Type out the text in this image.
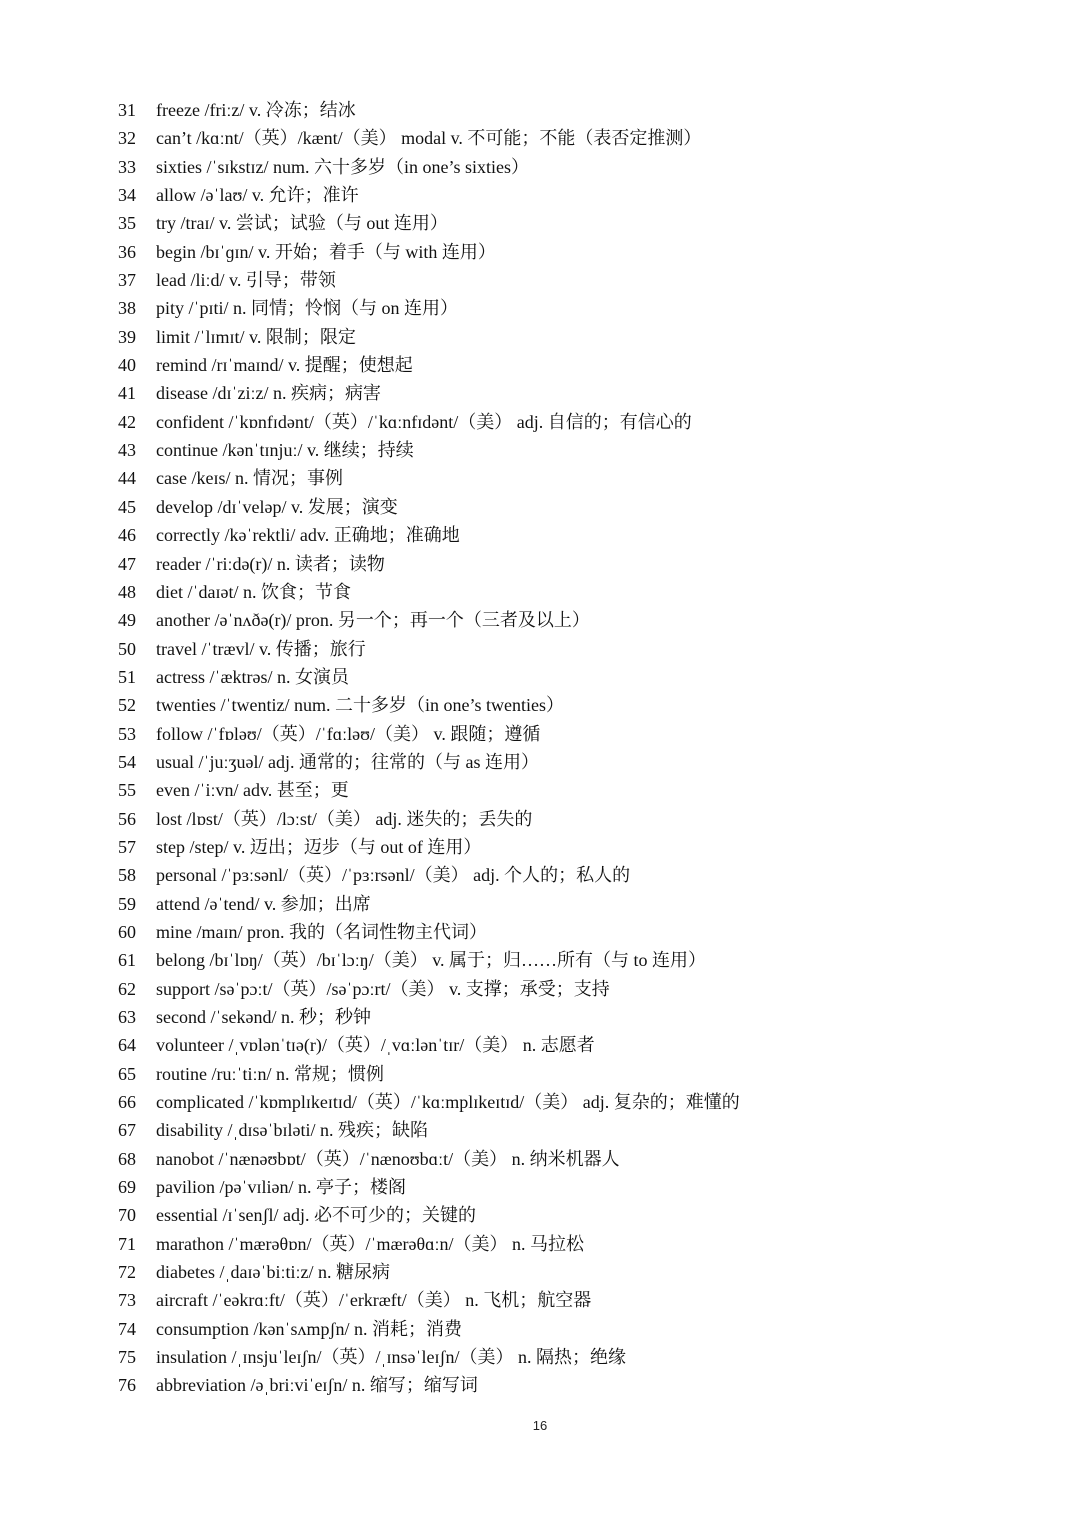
31 freeze /friːz/ v. 冷冻；结冰
32 can’t /kɑːnt/（英）/kænt/（美） modal v. 不可能；不能（表否定推测）
33 sixties /ˈsɪkstɪz/ num. 六十多岁（in one’s sixties）
34 allow /əˈlaʊ/ v. 允许；准许
35 try /traɪ/ v. 尝试；试验（与 out 连用）
36 begin /bɪˈɡɪn/ v. 开始；着手（与 with 连用）
37 lead /liːd/ v. 引导；带领
38 pity /ˈpɪti/ n. 同情；怜悯（与 on 连用）
39 limit /ˈlɪmɪt/ v. 限制；限定
40 remind /rɪˈmaɪnd/ v. 提醒；使想起
41 disease /dɪˈziːz/ n. 疾病；病害
42 confident /ˈkɒnfɪdənt/（英）/ˈkɑːnfɪdənt/（美） adj. 自信的；有信心的
43 continue /kənˈtɪnjuː/ v. 继续；持续
44 case /keɪs/ n. 情况；事例
45 develop /dɪˈveləp/ v. 发展；演变
46 correctly /kəˈrektli/ adv. 正确地；准确地
47 reader /ˈriːdə(r)/ n. 读者；读物
48 diet /ˈdaɪət/ n. 饮食；节食
49 another /əˈnʌðə(r)/ pron. 另一个；再一个（三者及以上）
50 travel /ˈtrævl/ v. 传播；旅行
51 actress /ˈæktrəs/ n. 女演员
52 twenties /ˈtwentiz/ num. 二十多岁（in one’s twenties）
53 follow /ˈfɒləʊ/（英）/ˈfɑːləʊ/（美） v. 跟随；遵循
54 usual /ˈjuːʒuəl/ adj. 通常的；往常的（与 as 连用）
55 even /ˈiːvn/ adv. 甚至；更
56 lost /lɒst/（英）/lɔːst/（美） adj. 迷失的；丢失的
57 step /step/ v. 迈出；迈步（与 out of 连用）
58 personal /ˈpɜːsənl/（英）/ˈpɜːrsənl/（美） adj. 个人的；私人的
59 attend /əˈtend/ v. 参加；出席
60 mine /maɪn/ pron. 我的（名词性物主代词）
61 belong /bɪˈlɒŋ/（英）/bɪˈlɔːŋ/（美） v. 属于；归……所有（与 to 连用）
62 support /səˈpɔːt/（英）/səˈpɔːrt/（美） v. 支撑；承受；支持
63 second /ˈsekənd/ n. 秒；秒钟
64 volunteer /ˌvɒlənˈtɪə(r)/（英）/ˌvɑːlənˈtɪr/（美） n. 志愿者
65 routine /ruːˈtiːn/ n. 常规；惯例
66 complicated /ˈkɒmplɪkeɪtɪd/（英）/ˈkɑːmplɪkeɪtɪd/（美） adj. 复杂的；难懂的
67 disability /ˌdɪsəˈbɪləti/ n. 残疾；缺陷
68 nanobot /ˈnænəʊbɒt/（英）/ˈnænoʊbɑːt/（美） n. 纳米机器人
69 pavilion /pəˈvɪliən/ n. 亭子；楼阁
70 essential /ɪˈsenʃl/ adj. 必不可少的；关键的
71 marathon /ˈmærəθɒn/（英）/ˈmærəθɑːn/（美） n. 马拉松
72 diabetes /ˌdaɪəˈbiːtiːz/ n. 糖尿病
73 aircraft /ˈeəkrɑːft/（英）/ˈerkræft/（美） n. 飞机；航空器
74 consumption /kənˈsʌmpʃn/ n. 消耗；消费
75 insulation /ˌɪnsjuˈleɪʃn/（英）/ˌɪnsəˈleɪʃn/（美） n. 隔热；绝缘
76 abbreviation /əˌbriːviˈeɪʃn/ n. 缩写；缩写词
16
